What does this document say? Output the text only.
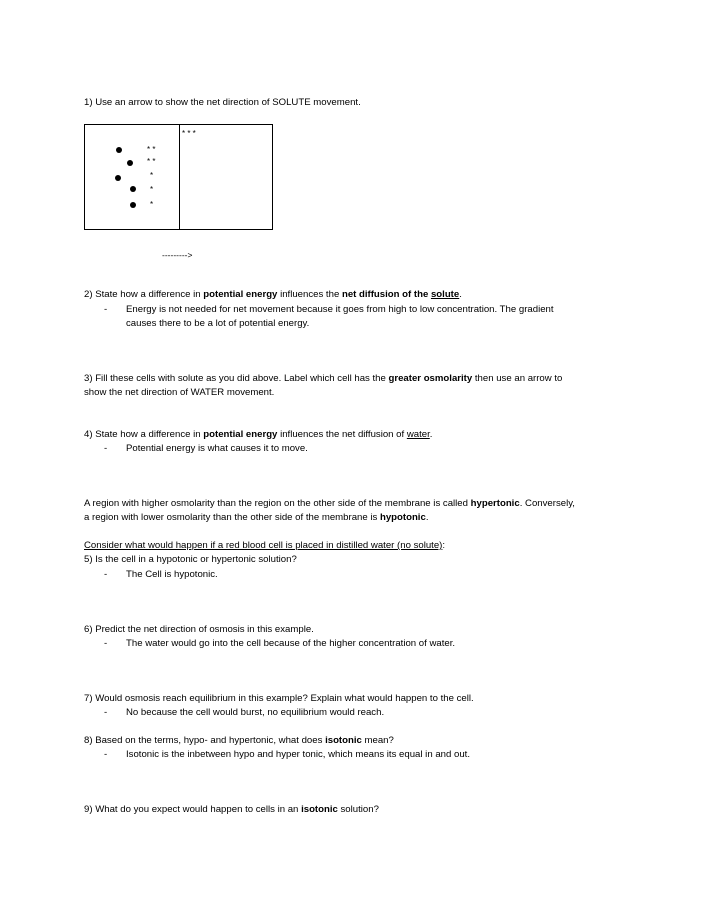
1) Use an arrow to show the net direction of SOLUTE movement.
* *
* *
*
*
*
* * *
--------->
2) State how a difference in potential energy influences the net diffusion of the solute.
- Energy is not needed for net movement because it goes from high to low concentration. The gradient
causes there to be a lot of potential energy.
3) Fill these cells with solute as you did above. Label which cell has the greater osmolarity then use an arrow to
show the net direction of WATER movement.
4) State how a difference in potential energy influences the net diffusion of water.
- Potential energy is what causes it to move.
A region with higher osmolarity than the region on the other side of the membrane is called hypertonic. Conversely,
a region with lower osmolarity than the other side of the membrane is hypotonic.
Consider what would happen if a red blood cell is placed in distilled water (no solute):
5) Is the cell in a hypotonic or hypertonic solution?
- The Cell is hypotonic.
6) Predict the net direction of osmosis in this example.
- The water would go into the cell because of the higher concentration of water.
7) Would osmosis reach equilibrium in this example? Explain what would happen to the cell.
- No because the cell would burst, no equilibrium would reach.
8) Based on the terms, hypo- and hypertonic, what does isotonic mean?
- Isotonic is the inbetween hypo and hyper tonic, which means its equal in and out.
9) What do you expect would happen to cells in an isotonic solution?
